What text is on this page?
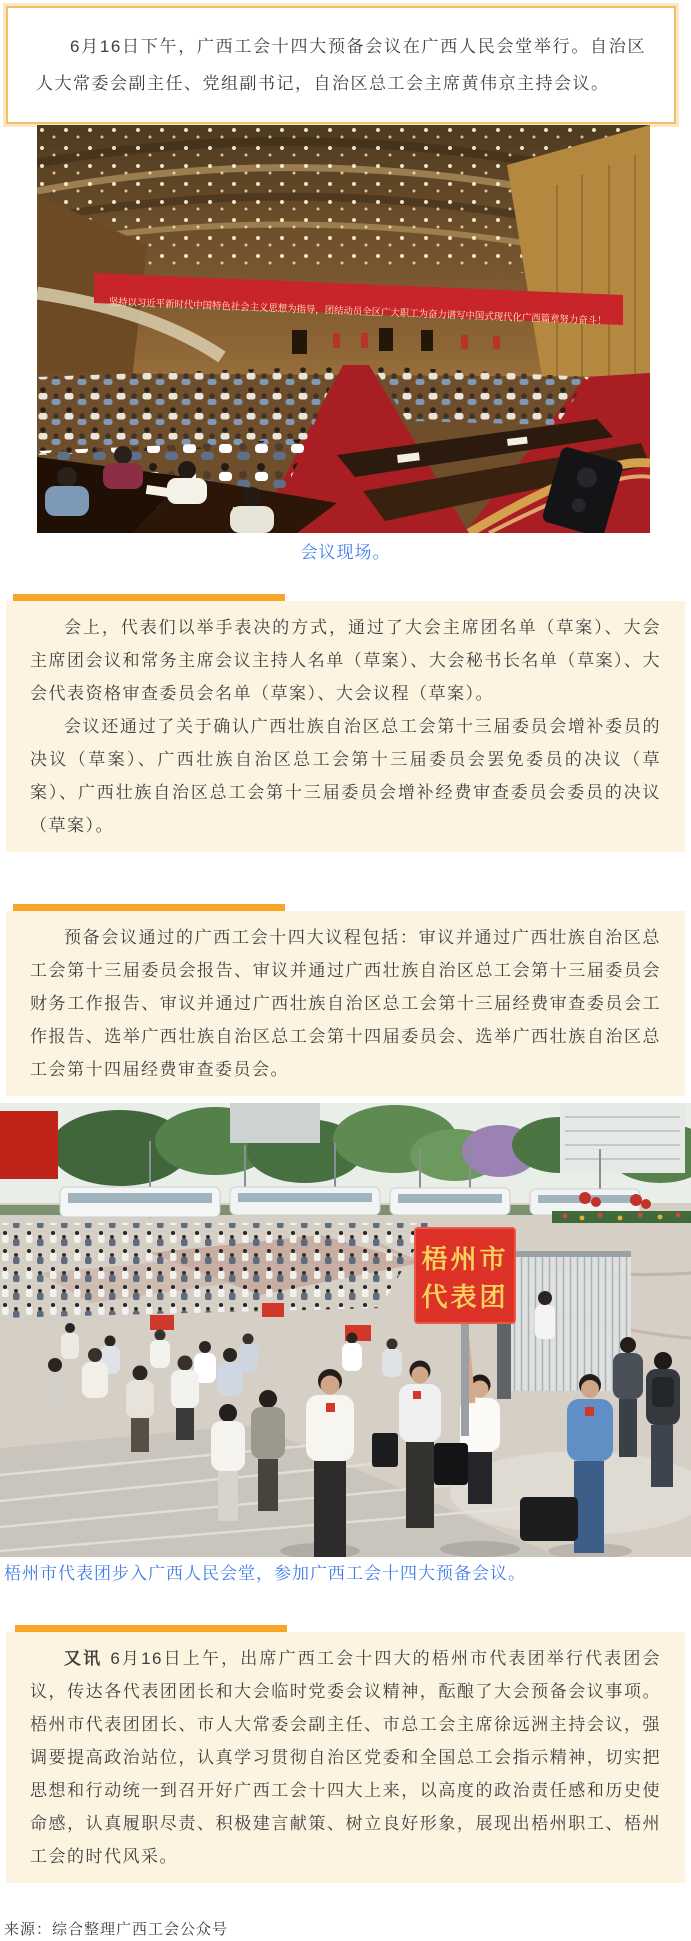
6月16日下午，广西工会十四大预备会议在广西人民会堂举行。自治区人大常委会副主任、党组副书记，自治区总工会主席黄伟京主持会议。

坚持以习近平新时代中国特色社会主义思想为指导，团结动员全区广大职工为奋力谱写中国式现代化广西篇章努力奋斗！
会议现场。

会上，代表们以举手表决的方式，通过了大会主席团名单（草案）、大会主席团会议和常务主席会议主持人名单（草案）、大会秘书长名单（草案）、大会代表资格审查委员会名单（草案）、大会议程（草案）。

会议还通过了关于确认广西壮族自治区总工会第十三届委员会增补委员的决议（草案）、广西壮族自治区总工会第十三届委员会罢免委员的决议（草案）、广西壮族自治区总工会第十三届委员会增补经费审查委员会委员的决议（草案）。

预备会议通过的广西工会十四大议程包括：审议并通过广西壮族自治区总工会第十三届委员会报告、审议并通过广西壮族自治区总工会第十三届委员会财务工作报告、审议并通过广西壮族自治区总工会第十三届经费审查委员会工作报告、选举广西壮族自治区总工会第十四届委员会、选举广西壮族自治区总工会第十四届经费审查委员会。

梧州市
代表团
梧州市代表团步入广西人民会堂，参加广西工会十四大预备会议。

又讯 6月16日上午，出席广西工会十四大的梧州市代表团举行代表团会议，传达各代表团团长和大会临时党委会议精神，酝酿了大会预备会议事项。梧州市代表团团长、市人大常委会副主任、市总工会主席徐远洲主持会议，强调要提高政治站位，认真学习贯彻自治区党委和全国总工会指示精神，切实把思想和行动统一到召开好广西工会十四大上来，以高度的政治责任感和历史使命感，认真履职尽责、积极建言献策、树立良好形象，展现出梧州职工、梧州工会的时代风采。

来源：综合整理广西工会公众号
